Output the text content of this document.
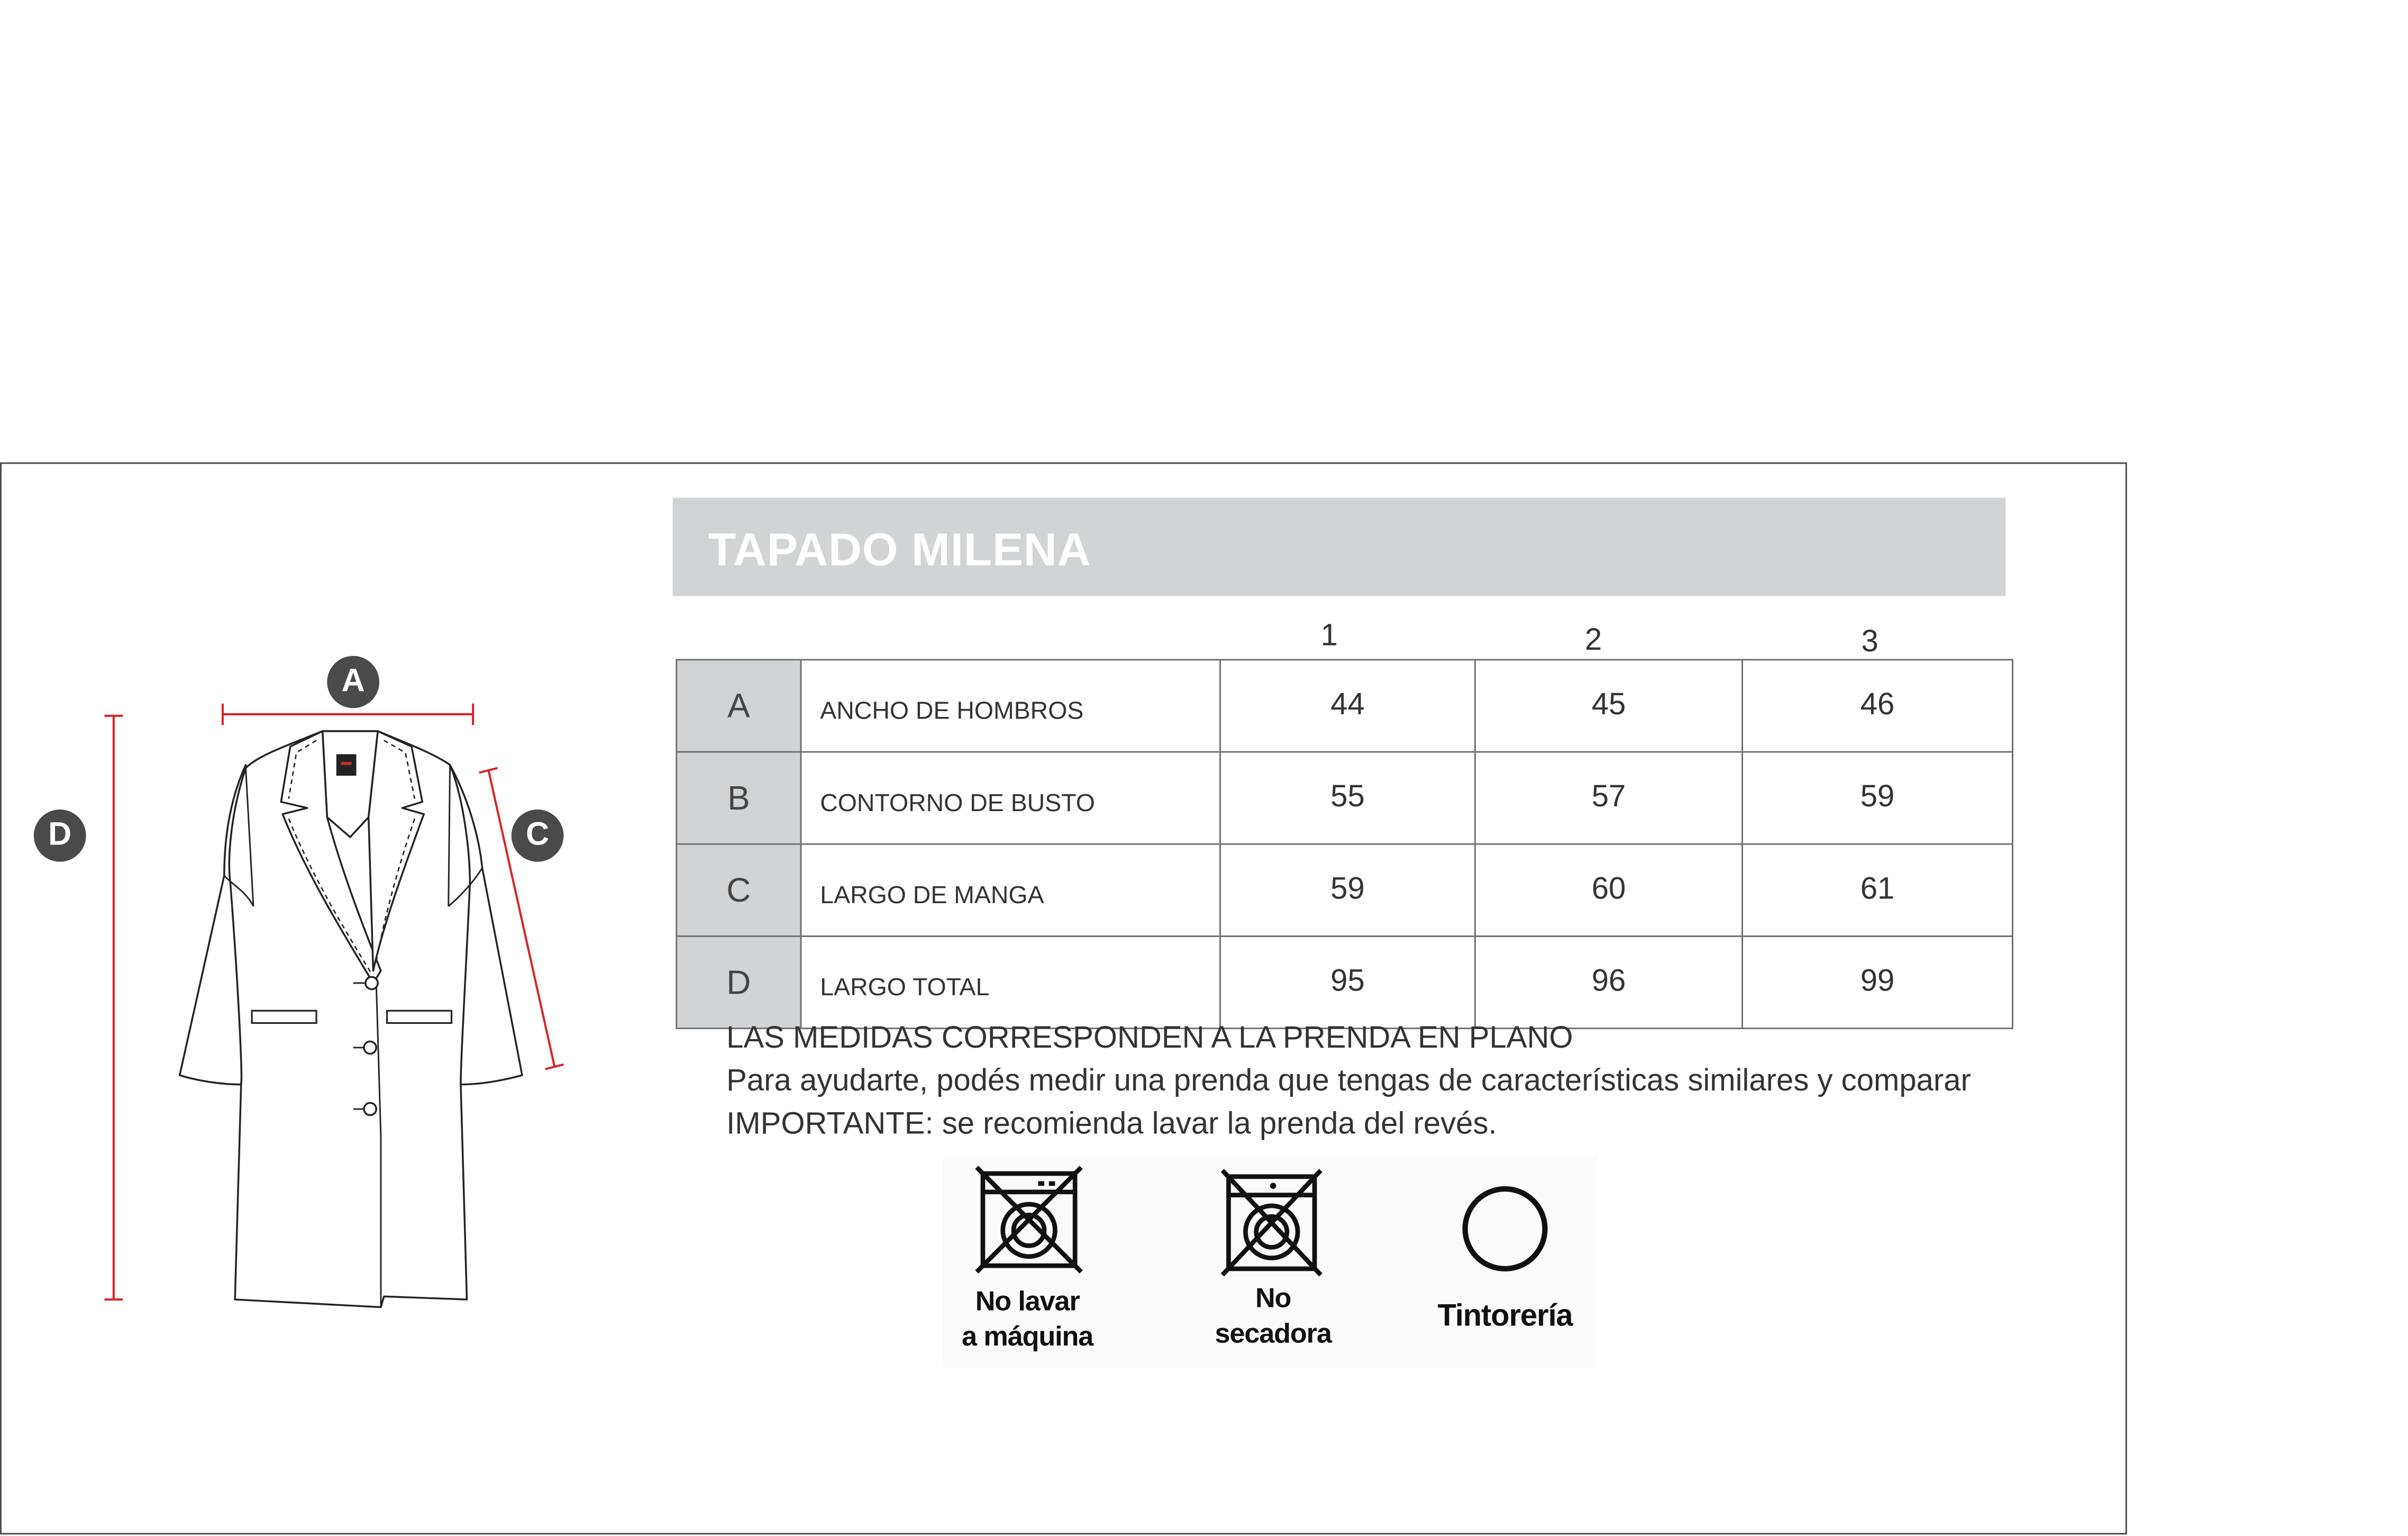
A
C
D
TAPADO MILENA
1	2	3
A	ANCHO DE HOMBROS	44	45	46
B	CONTORNO DE BUSTO	55	57	59
C	LARGO DE MANGA	59	60	61
D	LARGO TOTAL	95	96	99
LAS MEDIDAS CORRESPONDEN A LA PRENDA EN PLANO
Para ayudarte, podés medir una prenda que tengas de características similares y comparar
IMPORTANTE: se recomienda lavar la prenda del revés.
No lavar
a máquina
No
secadora	Tintorería
